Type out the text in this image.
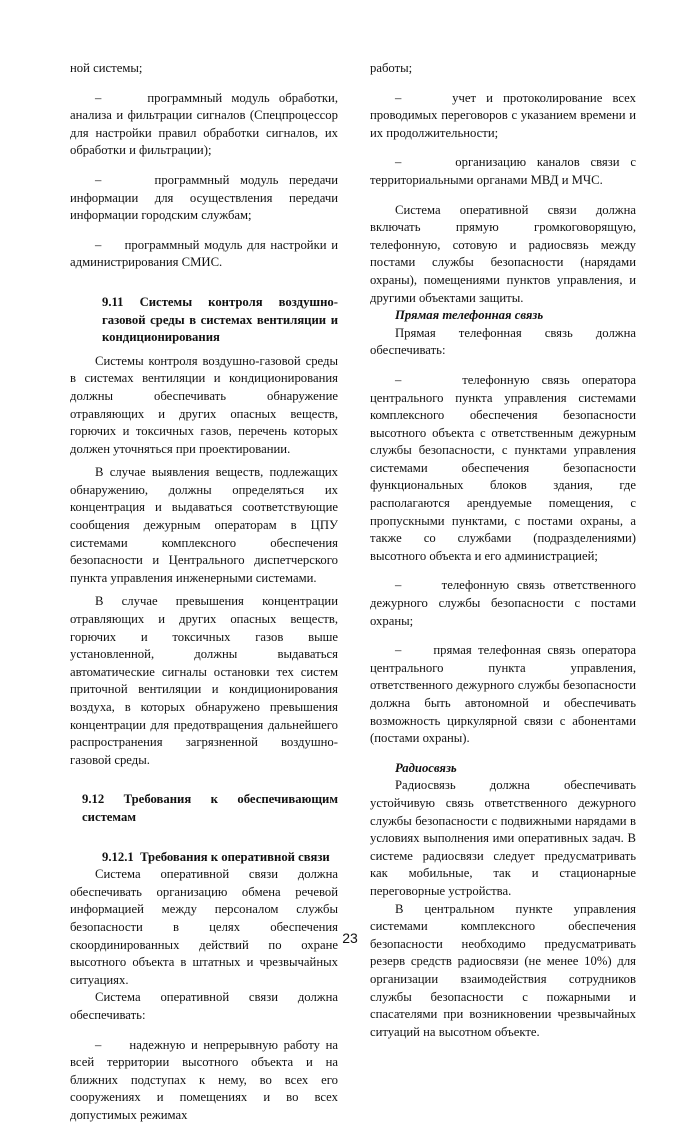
ной системы;

–     программный модуль обработки, анализа и фильтрации сигналов (Спецпроцессор для настройки правил обработки сигналов, их обработки и фильтрации);

–     программный модуль передачи информации для осуществления передачи информации городским службам;

–     программный модуль для настройки и администрирования СМИС.

9.11 Системы контроля воздушно-газовой среды в системах вентиляции и кондиционирования

Системы контроля воздушно-газовой среды в системах вентиляции и кондиционирования должны обеспечивать обнаружение отравляющих и других опасных веществ, горючих и токсичных газов, перечень которых должен уточняться при проектировании.

В случае выявления веществ, подлежащих обнаружению, должны определяться их концентрация и выдаваться соответствующие сообщения дежурным операторам в ЦПУ системами комплексного обеспечения безопасности и Центрального диспетчерского пункта управления инженерными системами.

В случае превышения концентрации отравляющих и других опасных веществ, горючих и токсичных газов выше установленной, должны выдаваться автоматические сигналы остановки тех систем приточной вентиляции и кондиционирования воздуха, в которых обнаружено превышения концентрации для предотвращения дальнейшего распространения загрязненной воздушно-газовой среды.

9.12 Требования к обеспечивающим системам

9.12.1  Требования к оперативной связи

Система оперативной связи должна обеспечивать организацию обмена речевой информацией между персоналом службы безопасности в целях обеспечения скоординированных действий по охране высотного объекта в штатных и чрезвычайных ситуациях.

Система оперативной связи должна обеспечивать:

–     надежную и непрерывную работу на всей территории высотного объекта и на ближних подступах к нему, во всех его сооружениях и помещениях и во всех допустимых режимах

работы;

–     учет и протоколирование всех проводимых переговоров с указанием времени и их продолжительности;

–     организацию каналов связи с территориальными органами МВД и МЧС.

Система оперативной связи должна включать прямую громкоговорящую, телефонную, сотовую и радиосвязь между постами службы безопасности (нарядами охраны), помещениями пунктов управления, и другими объектами защиты.

Прямая телефонная связь

Прямая телефонная связь должна обеспечивать:

–     телефонную связь оператора центрального пункта управления системами комплексного обеспечения безопасности высотного объекта с ответственным дежурным службы безопасности, с пунктами управления системами обеспечения безопасности функциональных блоков здания, где располагаются арендуемые помещения, с пропускными пунктами, с постами охраны, а также со службами (подразделениями) высотного объекта и его администрацией;

–     телефонную связь ответственного дежурного службы безопасности с постами охраны;

–     прямая телефонная связь оператора центрального пункта управления, ответственного дежурного службы безопасности должна быть автономной и обеспечивать возможность циркулярной связи с абонентами (постами охраны).

Радиосвязь

Радиосвязь должна обеспечивать устойчивую связь ответственного дежурного службы безопасности с подвижными нарядами в условиях выполнения ими оперативных задач. В системе радиосвязи следует предусматривать как мобильные, так и стационарные переговорные устройства.

В центральном пункте управления системами комплексного обеспечения безопасности необходимо предусматривать резерв средств радиосвязи (не менее 10%) для организации взаимодействия сотрудников службы безопасности с пожарными и спасателями при возникновении чрезвычайных ситуаций на высотном объекте.

23
